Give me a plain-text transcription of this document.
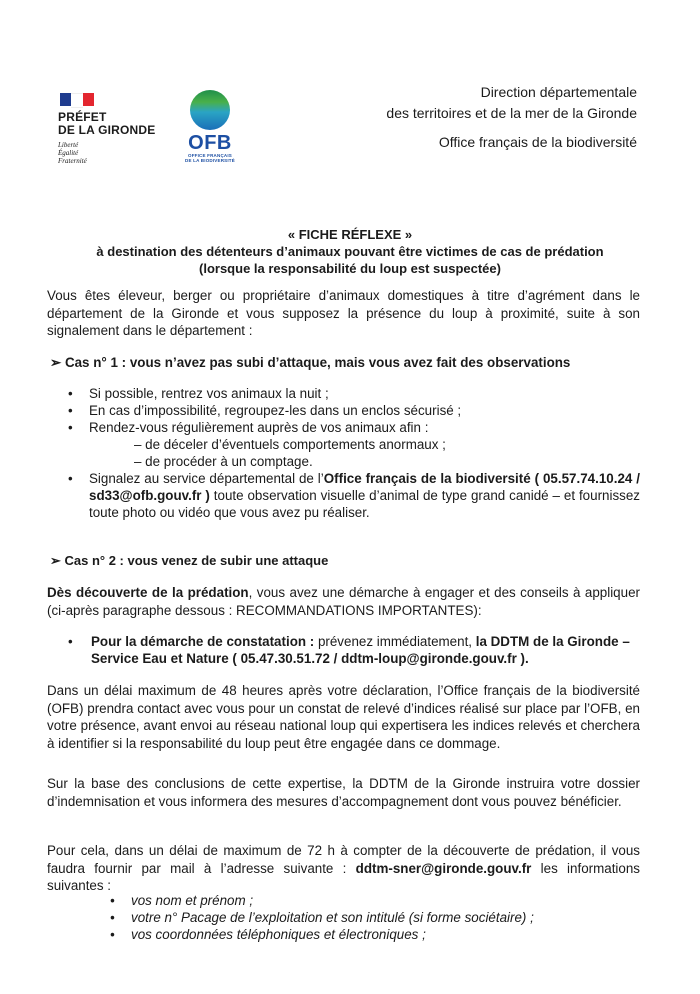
PRÉFET
DE LA GIRONDE
Liberté
Égalité
Fraternité
OFB
OFFICE FRANÇAIS
DE LA BIODIVERSITÉ
Direction départementale
des territoires et de la mer de la Gironde
Office français de la biodiversité
« FICHE RÉFLEXE »
à destination des détenteurs d’animaux pouvant être victimes de cas de prédation
(lorsque la responsabilité du loup est suspectée)
Vous êtes éleveur, berger ou propriétaire d’animaux domestiques à titre d’agrément dans le département de la Gironde et vous supposez la présence du loup à proximité, suite à son signalement dans le département :
➢ Cas n° 1 : vous n’avez pas subi d’attaque, mais vous avez fait des observations
• Si possible, rentrez vos animaux la nuit ;
• En cas d’impossibilité, regroupez-les dans un enclos sécurisé ;
• Rendez-vous régulièrement auprès de vos animaux afin :
– de déceler d’éventuels comportements anormaux ;
– de procéder à un comptage.
• Signalez au service départemental de l’Office français de la biodiversité ( 05.57.74.10.24 / sd33@ofb.gouv.fr ) toute observation visuelle d’animal de type grand canidé – et fournissez toute photo ou vidéo que vous avez pu réaliser.
➢ Cas n° 2 : vous venez de subir une attaque
Dès découverte de la prédation, vous avez une démarche à engager et des conseils à appliquer (ci-après paragraphe dessous : RECOMMANDATIONS IMPORTANTES):
• Pour la démarche de constatation : prévenez immédiatement, la DDTM de la Gironde – Service Eau et Nature ( 05.47.30.51.72 / ddtm-loup@gironde.gouv.fr ).
Dans un délai maximum de 48 heures après votre déclaration, l’Office français de la biodiversité (OFB) prendra contact avec vous pour un constat de relevé d’indices réalisé sur place par l’OFB, en votre présence, avant envoi au réseau national loup qui expertisera les indices relevés et cherchera à identifier si la responsabilité du loup peut être engagée dans ce dommage.
Sur la base des conclusions de cette expertise, la DDTM de la Gironde instruira votre dossier d’indemnisation et vous informera des mesures d’accompagnement dont vous pouvez bénéficier.
Pour cela, dans un délai de maximum de 72 h à compter de la découverte de prédation, il vous faudra fournir par mail à l’adresse suivante : ddtm-sner@gironde.gouv.fr les informations suivantes :
• vos nom et prénom ;
• votre n° Pacage de l’exploitation et son intitulé (si forme sociétaire) ;
• vos coordonnées téléphoniques et électroniques ;
